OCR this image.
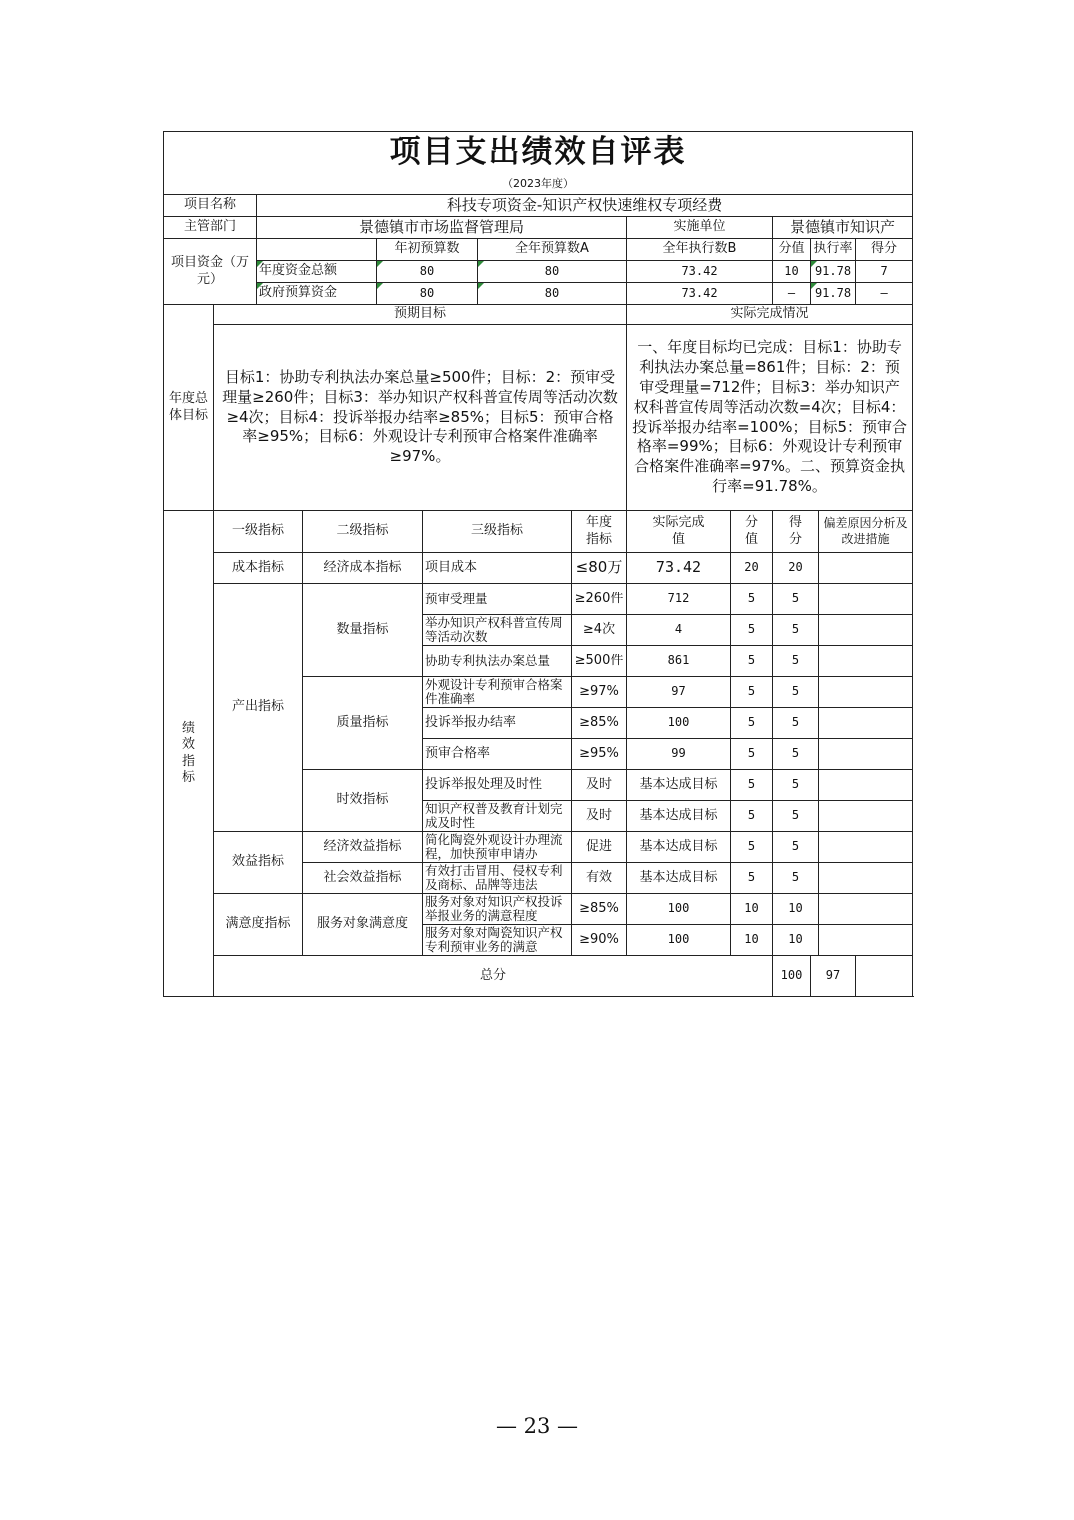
项目支出绩效自评表													
（2023年度）													
项目名称		科技专项资金-知识产权快速维权专项经费											
主管部门		景德镇市市场监督管理局						实施单位		景德镇市知识产			
项目资金（万元）				年初预算数		全年预算数A		全年执行数B		分值	执行率		得分
		年度资金总额		80		80		73.42		10	91.78		7
		政府预算资金		80		80		73.42		—	91.78		—
年度总体目标	预期目标							实际完成情况					
	目标1：协助专利执法办案总量≥500件；目标：2：预审受理量≥260件；目标3：举办知识产权科普宣传周等活动次数≥4次；目标4：投诉举报办结率≥85%；目标5：预审合格率≥95%；目标6：外观设计专利预审合格案件准确率≥97%。							一、年度目标均已完成：目标1：协助专利执法办案总量=861件；目标：2：预审受理量=712件；目标3：举办知识产权科普宣传周等活动次数=4次；目标4：投诉举报办结率=100%；目标5：预审合格率=99%；目标6：外观设计专利预审合格案件准确率=97%。二、预算资金执行率=91.78%。					
绩效指标	一级指标		二级指标		三级指标		年度指标	实际完成值	分值	得分		偏差原因分析及改进措施	
	成本指标		经济成本指标		项目成本		≤80万	73.42	20	20			
	产出指标		数量指标		预审受理量		≥260件	712	5	5			

					举办知识产权科普宣传周等活动次数		≥4次	4	5	5			

					协助专利执法办案总量		≥500件	861	5	5			
			质量指标		外观设计专利预审合格案件准确率		≥97%	97	5	5			
					投诉举报办结率		≥85%	100	5	5			
					预审合格率		≥95%	99	5	5			
			时效指标		投诉举报处理及时性		及时	基本达成目标	5	5			

					知识产权普及教育计划完成及时性		及时	基本达成目标	5	5			
	效益指标		经济效益指标		简化陶瓷外观设计办理流程，加快预审申请办		促进	基本达成目标	5	5			
			社会效益指标		有效打击冒用、侵权专利及商标、品牌等违法		有效	基本达成目标	5	5			
	满意度指标		服务对象满意度		服务对象对知识产权投诉举报业务的满意程度		≥85%	100	10	10			

					服务对象对陶瓷知识产权专利预审业务的满意		≥90%	100	10	10			
	总分									100	97		
— 23 —
